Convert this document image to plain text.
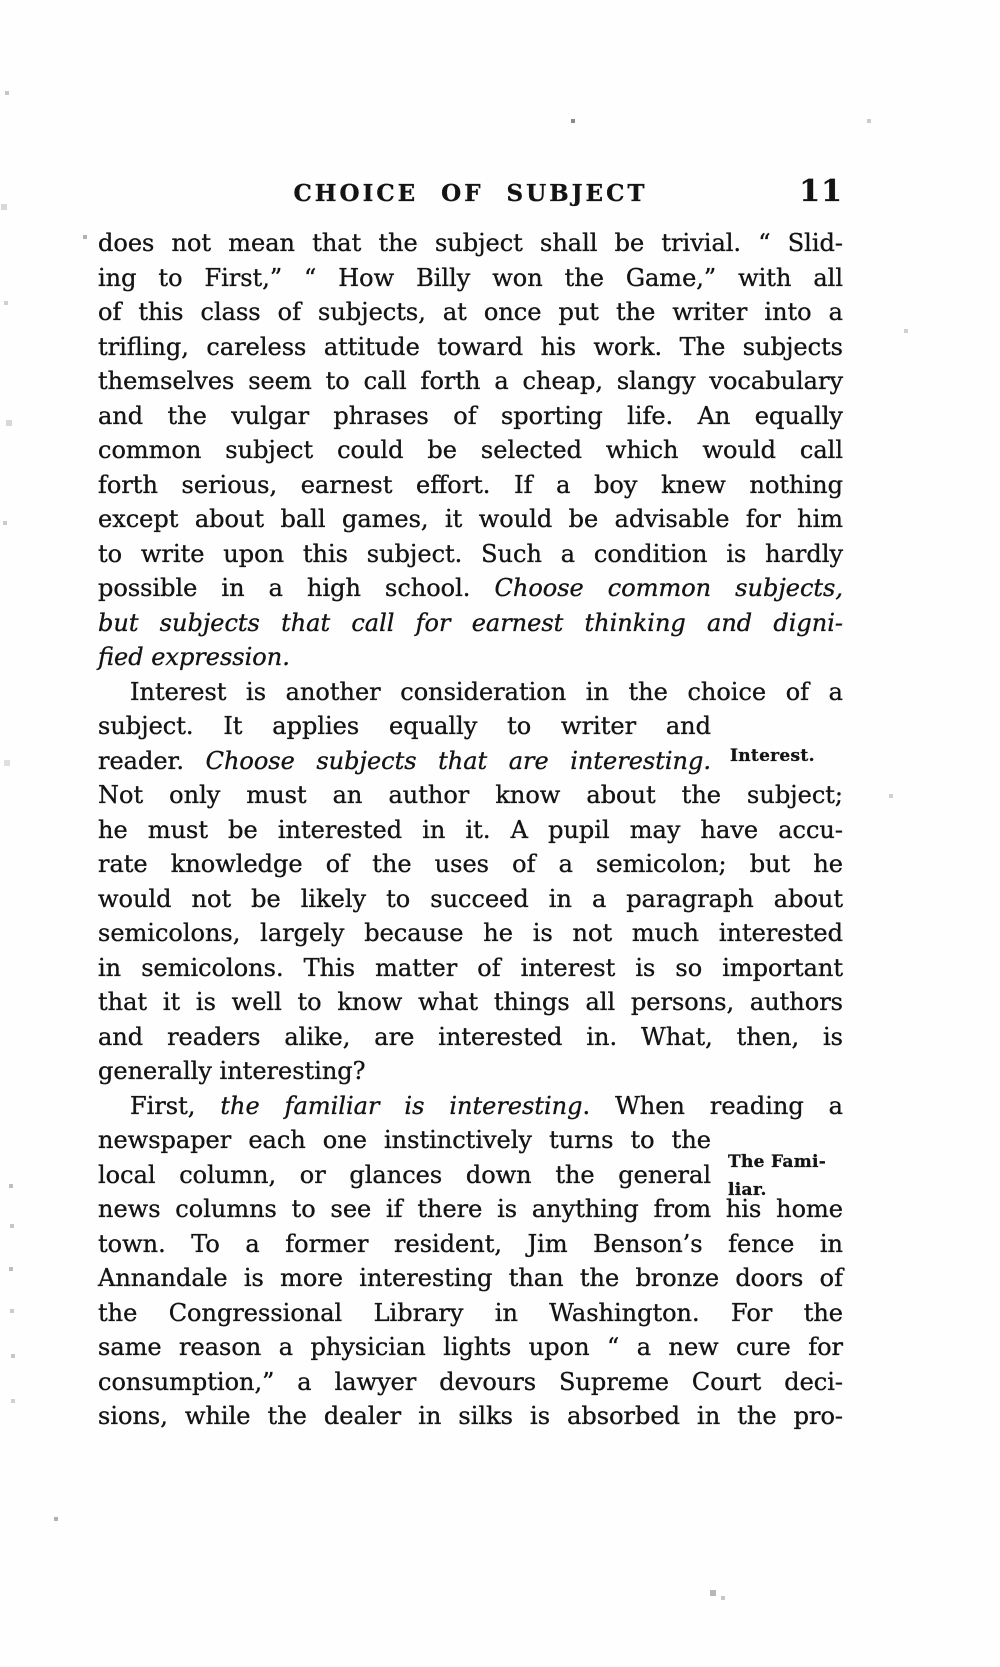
CHOICE OF SUBJECT	11
does not mean that the subject shall be trivial. “ Slid-
ing to First,” “ How Billy won the Game,” with all
of this class of subjects, at once put the writer into a
trifling, careless attitude toward his work. The subjects
themselves seem to call forth a cheap, slangy vocabulary
and the vulgar phrases of sporting life. An equally
common subject could be selected which would call
forth serious, earnest effort. If a boy knew nothing
except about ball games, it would be advisable for him
to write upon this subject. Such a condition is hardly
possible in a high school. Choose common subjects,
but subjects that call for earnest thinking and digni-
fied expression.
Interest is another consideration in the choice of a
subject. It applies equally to writer and
reader. Choose subjects that are interesting.
Not only must an author know about the subject;
he must be interested in it. A pupil may have accu-
rate knowledge of the uses of a semicolon; but he
would not be likely to succeed in a paragraph about
semicolons, largely because he is not much interested
in semicolons. This matter of interest is so important
that it is well to know what things all persons, authors
and readers alike, are interested in. What, then, is
generally interesting?
First, the familiar is interesting. When reading a
newspaper each one instinctively turns to the
local column, or glances down the general
news columns to see if there is anything from his home
town. To a former resident, Jim Benson’s fence in
Annandale is more interesting than the bronze doors of
the Congressional Library in Washington. For the
same reason a physician lights upon “ a new cure for
consumption,” a lawyer devours Supreme Court deci-
sions, while the dealer in silks is absorbed in the pro-
Interest.
The Fami-
liar.
